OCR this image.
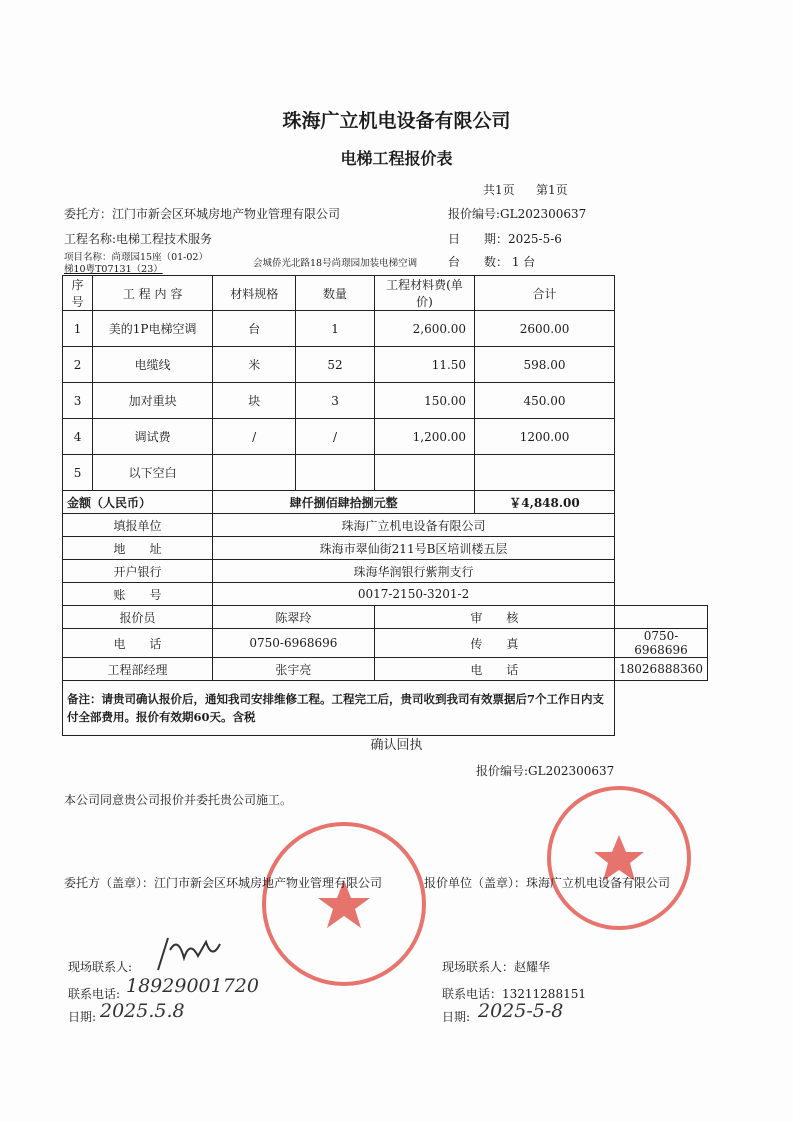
珠海广立机电设备有限公司
电梯工程报价表
共1页 第1页
委托方：江门市新会区环城房地产物业管理有限公司	报价编号:GL202300637
工程名称:电梯工程技术服务	日 期：2025-5-6
项目名称：尚璟园15座（01-02）
梯10粤T07131（23）
会城侨光北路18号尚璟园加装电梯空调	台 数： 1 台
序号	工 程 内 容	材料规格	数量	工程材料费(单价)	合计	
1	美的1P电梯空调	台	1	2,600.00	2600.00	
2	电缆线	米	52	11.50	598.00	
3	加对重块	块	3	150.00	450.00	
4	调试费	/	/	1,200.00	1200.00	
5	以下空白					
金额（人民币）		肆仟捌佰肆拾捌元整			￥4,848.00	
填报单位		珠海广立机电设备有限公司				
地　　址		珠海市翠仙街211号B区培训楼五层				
开户银行		珠海华润银行紫荆支行				
账　　号		0017-2150-3201-2				
报价员		陈翠玲		审　　核		
电　　话		0750-6968696		传　　真		0750-6968696
工程部经理		张宇亮		电　　话		18026888360
备注：请贵司确认报价后，通知我司安排维修工程。工程完工后，贵司收到我司有效票据后7个工作日内支付全部费用。报价有效期60天。含税						
确认回执
报价编号:GL202300637
本公司同意贵公司报价并委托贵公司施工。
委托方（盖章）：江门市新会区环城房地产物业管理有限公司	报价单位（盖章）：珠海广立机电设备有限公司
现场联系人:
联系电话: 18929001720
日期: 2025.5.8
现场联系人：赵耀华
联系电话：13211288151
日期: 2025-5-8
